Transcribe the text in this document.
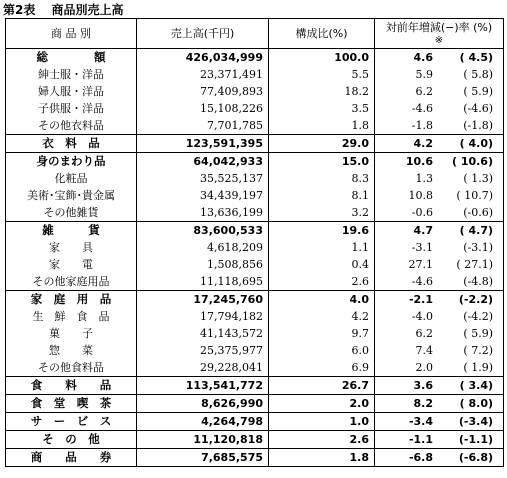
第2表　 商品別売上高
商 品 別	売上高(千円)	構成比(%)	対前年増減(−)率 (%)
※

総　　　　額	426,034,999	100.0	4.6 ( 4.5)
紳士服・洋品	23,371,491	5.5	5.9 ( 5.8)
婦人服・洋品	77,409,893	18.2	6.2 ( 5.9)
子供服・洋品	15,108,226	3.5	-4.6 (-4.6)
その他衣料品	7,701,785	1.8	-1.8 (-1.8)
衣　料　品	123,591,395	29.0	4.2 ( 4.0)
身のまわり品	64,042,933	15.0	10.6 ( 10.6)
化粧品	35,525,137	8.3	1.3 ( 1.3)
美術･宝飾･貴金属	34,439,197	8.1	10.8 ( 10.7)
その他雑貨	13,636,199	3.2	-0.6 (-0.6)
雑　　　貨	83,600,533	19.6	4.7 ( 4.7)
家　　具	4,618,209	1.1	-3.1 (-3.1)
家　　電	1,508,856	0.4	27.1 ( 27.1)
その他家庭用品	11,118,695	2.6	-4.6 (-4.8)
家　庭　用　品	17,245,760	4.0	-2.1 (-2.2)
生　鮮　食　品	17,794,182	4.2	-4.0 (-4.2)
菓　　子	41,143,572	9.7	6.2 ( 5.9)
惣　　菜	25,375,977	6.0	7.4 ( 7.2)
その他食料品	29,228,041	6.9	2.0 ( 1.9)
食　　料　　品	113,541,772	26.7	3.6 ( 3.4)
食　堂　喫　茶	8,626,990	2.0	8.2 ( 8.0)
サ　ー　ビ　ス	4,264,798	1.0	-3.4 (-3.4)
そ　の　他	11,120,818	2.6	-1.1 (-1.1)
商　　品　　券	7,685,575	1.8	-6.8 (-6.8)
